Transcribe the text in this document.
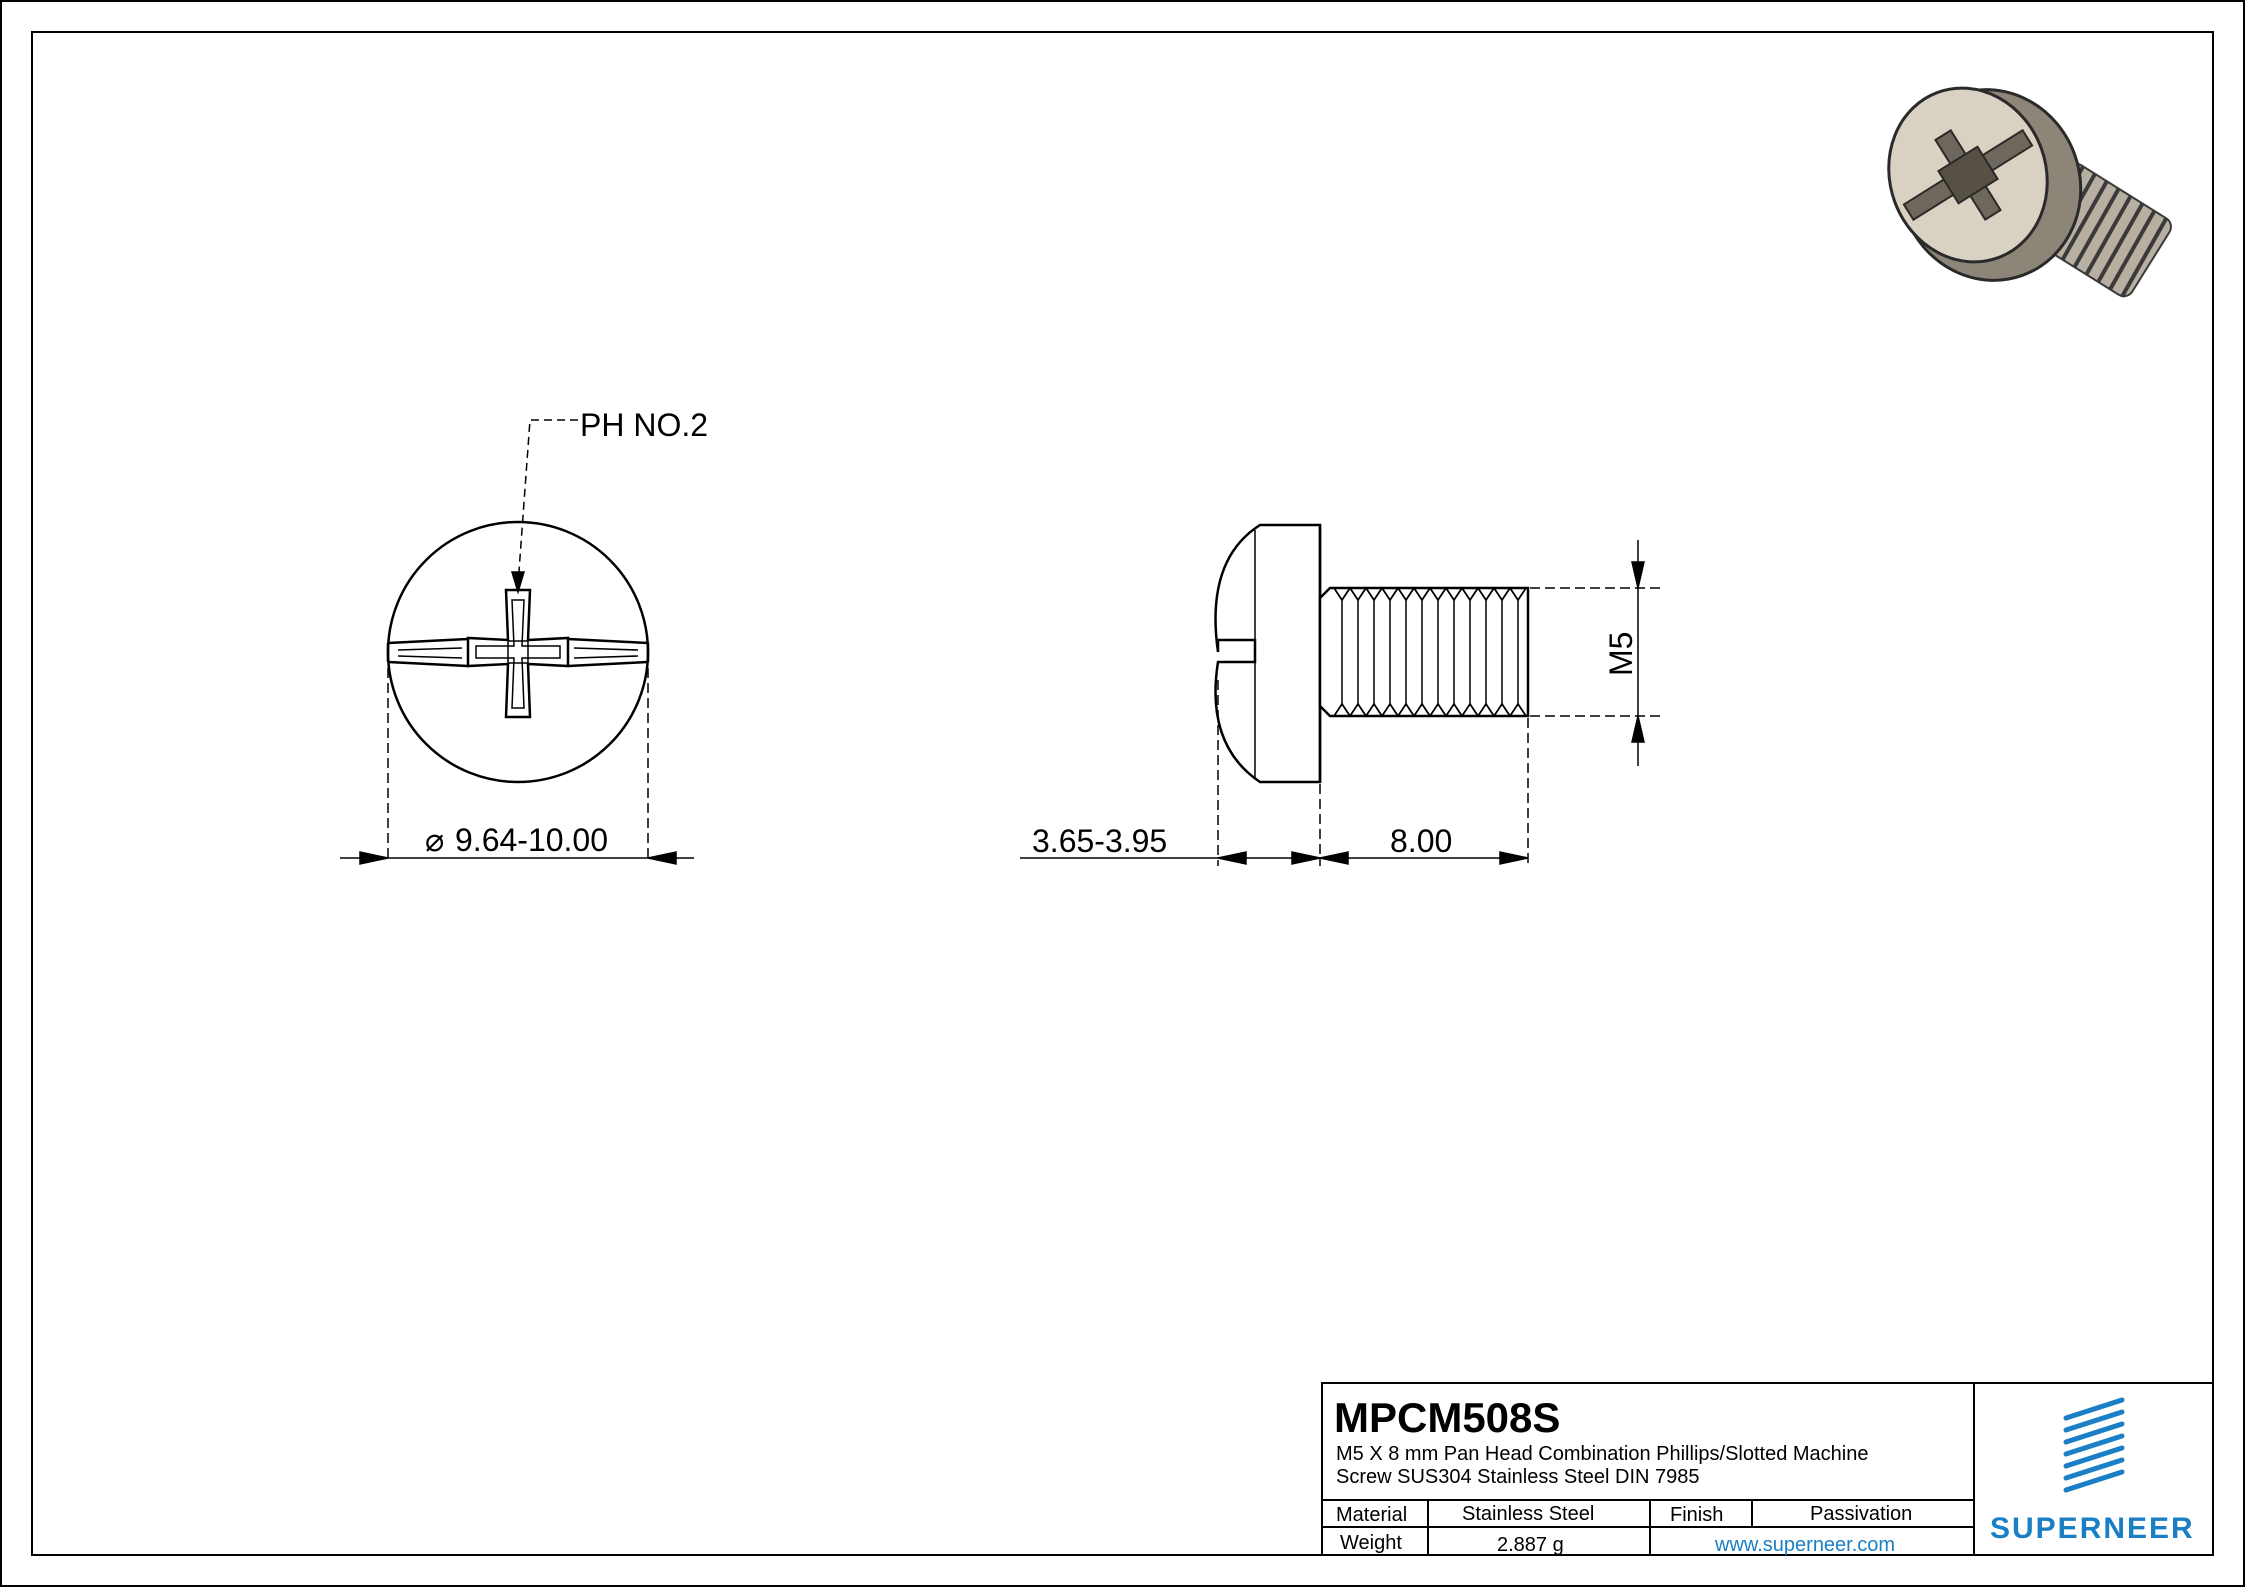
PH NO.2
⌀ 9.64-10.00
M5
3.65-3.95	8.00
MPCM508S
M5 X 8 mm Pan Head Combination Phillips/Slotted Machine
Screw SUS304 Stainless Steel DIN 7985
Material	Stainless Steel	Finish	Passivation
Weight	2.887 g	www.superneer.com	SUPERNEER
